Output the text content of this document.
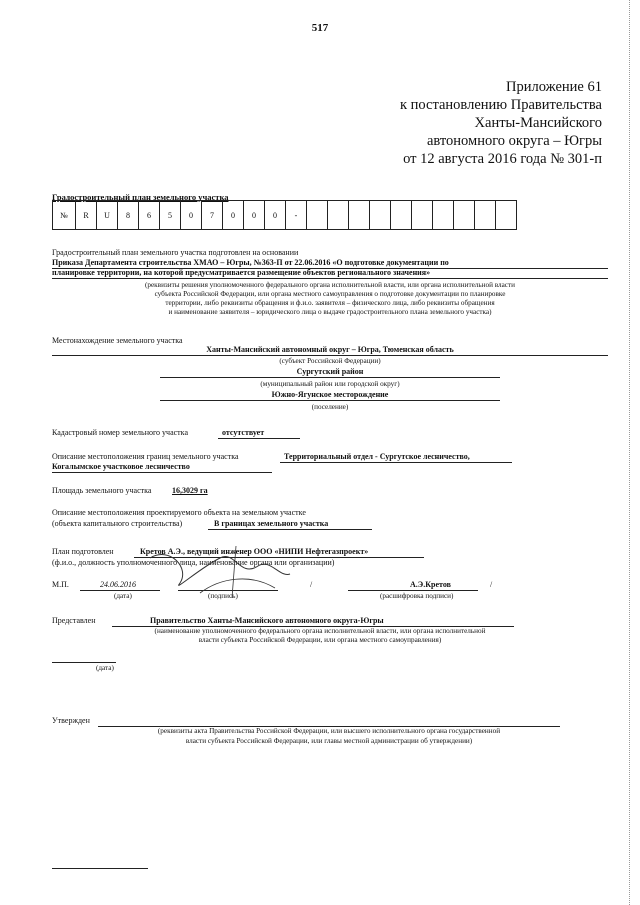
517
Приложение 61
к постановлению Правительства
Ханты-Мансийского
автономного округа – Югры
от 12 августа 2016 года № 301-п
Градостроительный план земельного участка
№	R	U	8	6	5	0	7	0	0	0	-										
Градостроительный план земельного участка подготовлен на основании
Приказа Департамента строительства ХМАО – Югры, №363-П от 22.06.2016 «О подготовке документации по
планировке территории, на которой предусматривается размещение объектов регионального значения»
(реквизиты решения уполномоченного федерального органа исполнительной власти, или органа исполнительной власти
субъекта Российской Федерации, или органа местного самоуправления о подготовке документации по планировке
территории, либо реквизиты обращения и ф.и.о. заявителя – физического лица, либо реквизиты обращения
и наименование заявителя – юридического лица о выдаче градостроительного плана земельного участка)
Местонахождение земельного участка
Ханты-Мансийский автономный округ – Югра, Тюменская область
(субъект Российской Федерации)
Сургутский район
(муниципальный район или городской округ)
Южно-Ягунское месторождение
(поселение)
Кадастровый номер земельного участка	отсутствует
Описание местоположения границ земельного участка	Территориальный отдел - Сургутское лесничество,
Когалымское участковое лесничество
Площадь земельного участка	16,3029 га
Описание местоположения проектируемого объекта на земельном участке
(объекта капитального строительства)	В границах земельного участка
План подготовлен	Кретов А.Э., ведущий инженер ООО «НИПИ Нефтегазпроект»
(ф.и.о., должность уполномоченного лица, наименование органа или организации)
М.П.	24.06.2016	/	А.Э.Кретов	/
(дата)	(подпись)	(расшифровка подписи)
Представлен	Правительство Ханты-Мансийского автономного округа-Югры
(наименование уполномоченного федерального органа исполнительной власти, или органа исполнительной
власти субъекта Российской Федерации, или органа местного самоуправления)
(дата)
Утвержден
(реквизиты акта Правительства Российской Федерации, или высшего исполнительного органа государственной
власти субъекта Российской Федерации, или главы местной администрации об утверждении)
